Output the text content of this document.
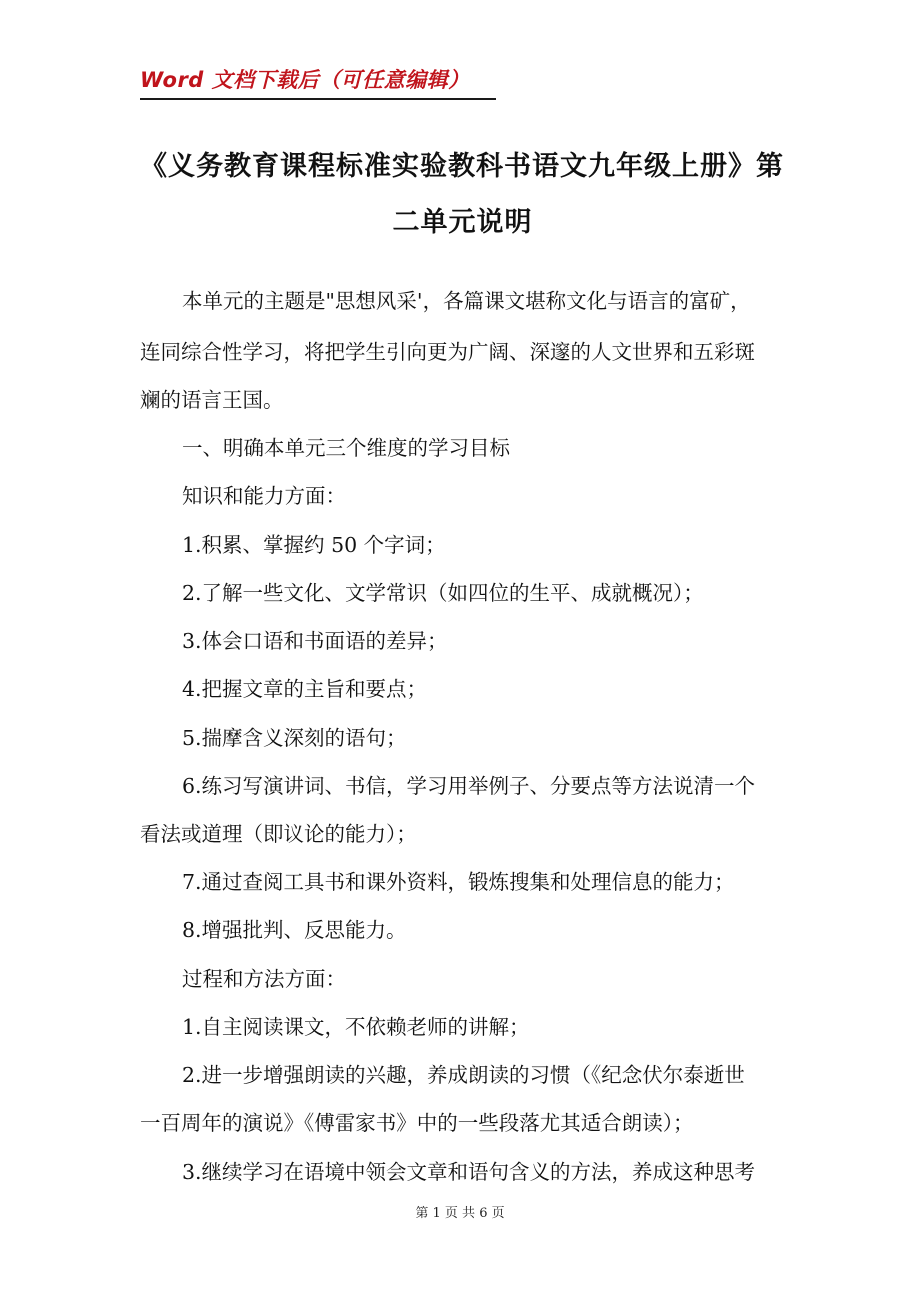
Word 文档下载后（可任意编辑）
《义务教育课程标准实验教科书语文九年级上册》第
二单元说明
本单元的主题是"思想风采'，各篇课文堪称文化与语言的富矿，
连同综合性学习，将把学生引向更为广阔、深邃的人文世界和五彩斑
斓的语言王国。
一、明确本单元三个维度的学习目标
知识和能力方面：
1.积累、掌握约 50 个字词；
2.了解一些文化、文学常识（如四位的生平、成就概况）；
3.体会口语和书面语的差异；
4.把握文章的主旨和要点；
5.揣摩含义深刻的语句；
6.练习写演讲词、书信，学习用举例子、分要点等方法说清一个
看法或道理（即议论的能力）；
7.通过查阅工具书和课外资料，锻炼搜集和处理信息的能力；
8.增强批判、反思能力。
过程和方法方面：
1.自主阅读课文，不依赖老师的讲解；
2.进一步增强朗读的兴趣，养成朗读的习惯（《纪念伏尔泰逝世
一百周年的演说》《傅雷家书》中的一些段落尤其适合朗读）；
3.继续学习在语境中领会文章和语句含义的方法，养成这种思考
第 1 页 共 6 页
